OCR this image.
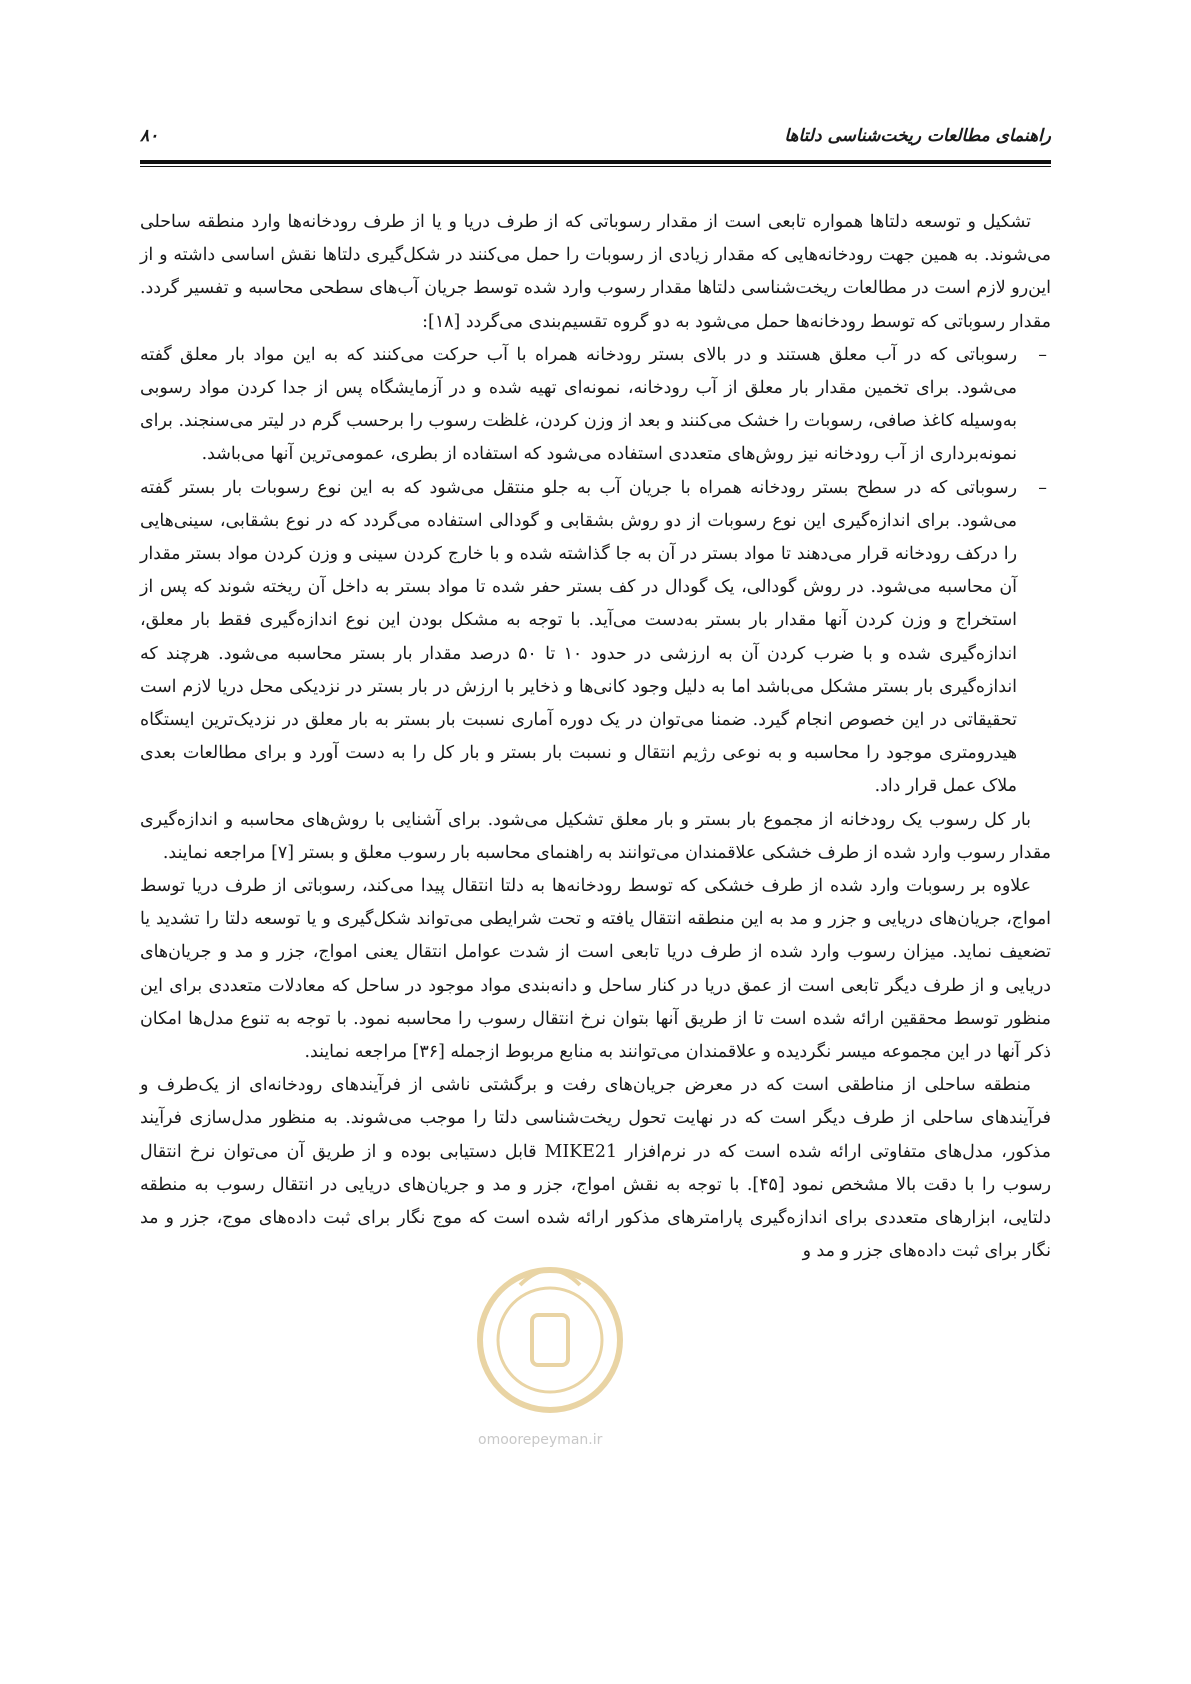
راهنمای مطالعات ریخت‌شناسی دلتاها
۸۰

تشکیل و توسعه دلتاها همواره تابعی است از مقدار رسوباتی که از طرف دریا و یا از طرف رودخانه‌ها وارد منطقه ساحلی می‌شوند. به همین جهت رودخانه‌هایی که مقدار زیادی از رسوبات را حمل می‌کنند در شکل‌گیری دلتاها نقش اساسی داشته و از این‌رو لازم است در مطالعات ریخت‌شناسی دلتاها مقدار رسوب وارد شده توسط جریان آب‌های سطحی محاسبه و تفسیر گردد. مقدار رسوباتی که توسط رودخانه‌ها حمل می‌شود به دو گروه تقسیم‌بندی می‌گردد [۱۸]:

–
رسوباتی که در آب معلق هستند و در بالای بستر رودخانه همراه با آب حرکت می‌کنند که به این مواد بار معلق گفته می‌شود. برای تخمین مقدار بار معلق از آب رودخانه، نمونه‌ای تهیه شده و در آزمایشگاه پس از جدا کردن مواد رسوبی به‌وسیله کاغذ صافی، رسوبات را خشک می‌کنند و بعد از وزن کردن، غلظت رسوب را برحسب گرم در لیتر می‌سنجند. برای نمونه‌برداری از آب رودخانه نیز روش‌های متعددی استفاده می‌شود که استفاده از بطری، عمومی‌ترین آنها می‌باشد.
–
رسوباتی که در سطح بستر رودخانه همراه با جریان آب به جلو منتقل می‌شود که به این نوع رسوبات بار بستر گفته می‌شود. برای اندازه‌گیری این نوع رسوبات از دو روش بشقابی و گودالی استفاده می‌گردد که در نوع بشقابی، سینی‌هایی را درکف رودخانه قرار می‌دهند تا مواد بستر در آن به جا گذاشته شده و با خارج کردن سینی و وزن کردن مواد بستر مقدار آن محاسبه می‌شود. در روش گودالی، یک گودال در کف بستر حفر شده تا مواد بستر به داخل آن ریخته شوند که پس از استخراج و وزن کردن آنها مقدار بار بستر به‌دست می‌آید. با توجه به مشکل بودن این نوع اندازه‌گیری فقط بار معلق، اندازه‌گیری شده و با ضرب کردن آن به ارزشی در حدود ۱۰ تا ۵۰ درصد مقدار بار بستر محاسبه می‌شود. هرچند که اندازه‌گیری بار بستر مشکل می‌باشد اما به دلیل وجود کانی‌ها و ذخایر با ارزش در بار بستر در نزدیکی محل دریا لازم است تحقیقاتی در این خصوص انجام گیرد. ضمنا می‌توان در یک دوره آماری نسبت بار بستر به بار معلق در نزدیک‌ترین ایستگاه هیدرومتری موجود را محاسبه و به نوعی رژیم انتقال و نسبت بار بستر و بار کل را به دست آورد و برای مطالعات بعدی ملاک عمل قرار داد.

بار کل رسوب یک رودخانه از مجموع بار بستر و بار معلق تشکیل می‌شود. برای آشنایی با روش‌های محاسبه و اندازه‌گیری مقدار رسوب وارد شده از طرف خشکی علاقمندان می‌توانند به راهنمای محاسبه بار رسوب معلق و بستر [۷] مراجعه نمایند.

علاوه بر رسوبات وارد شده از طرف خشکی که توسط رودخانه‌ها به دلتا انتقال پیدا می‌کند، رسوباتی از طرف دریا توسط امواج، جریان‌های دریایی و جزر و مد به این منطقه انتقال یافته و تحت شرایطی می‌تواند شکل‌گیری و یا توسعه دلتا را تشدید یا تضعیف نماید. میزان رسوب وارد شده از طرف دریا تابعی است از شدت عوامل انتقال یعنی امواج، جزر و مد و جریان‌های دریایی و از طرف دیگر تابعی است از عمق دریا در کنار ساحل و دانه‌بندی مواد موجود در ساحل که معادلات متعددی برای این منظور توسط محققین ارائه شده است تا از طریق آنها بتوان نرخ انتقال رسوب را محاسبه نمود. با توجه به تنوع مدل‌ها امکان ذکر آنها در این مجموعه میسر نگردیده و علاقمندان می‌توانند به منابع مربوط ازجمله [۳۶] مراجعه نمایند.

منطقه ساحلی از مناطقی است که در معرض جریان‌های رفت و برگشتی ناشی از فرآیندهای رودخانه‌ای از یک‌طرف و فرآیندهای ساحلی از طرف دیگر است که در نهایت تحول ریخت‌شناسی دلتا را موجب می‌شوند. به منظور مدل‌سازی فرآیند مذکور، مدل‌های متفاوتی ارائه شده است که در نرم‌افزار MIKE21 قابل دستیابی بوده و از طریق آن می‌توان نرخ انتقال رسوب را با دقت بالا مشخص نمود [۴۵]. با توجه به نقش امواج، جزر و مد و جریان‌های دریایی در انتقال رسوب به منطقه دلتایی، ابزارهای متعددی برای اندازه‌گیری پارامترهای مذکور ارائه شده است که موج نگار برای ثبت داده‌های موج، جزر و مد نگار برای ثبت داده‌های جزر و مد و

omoorepeyman.ir
